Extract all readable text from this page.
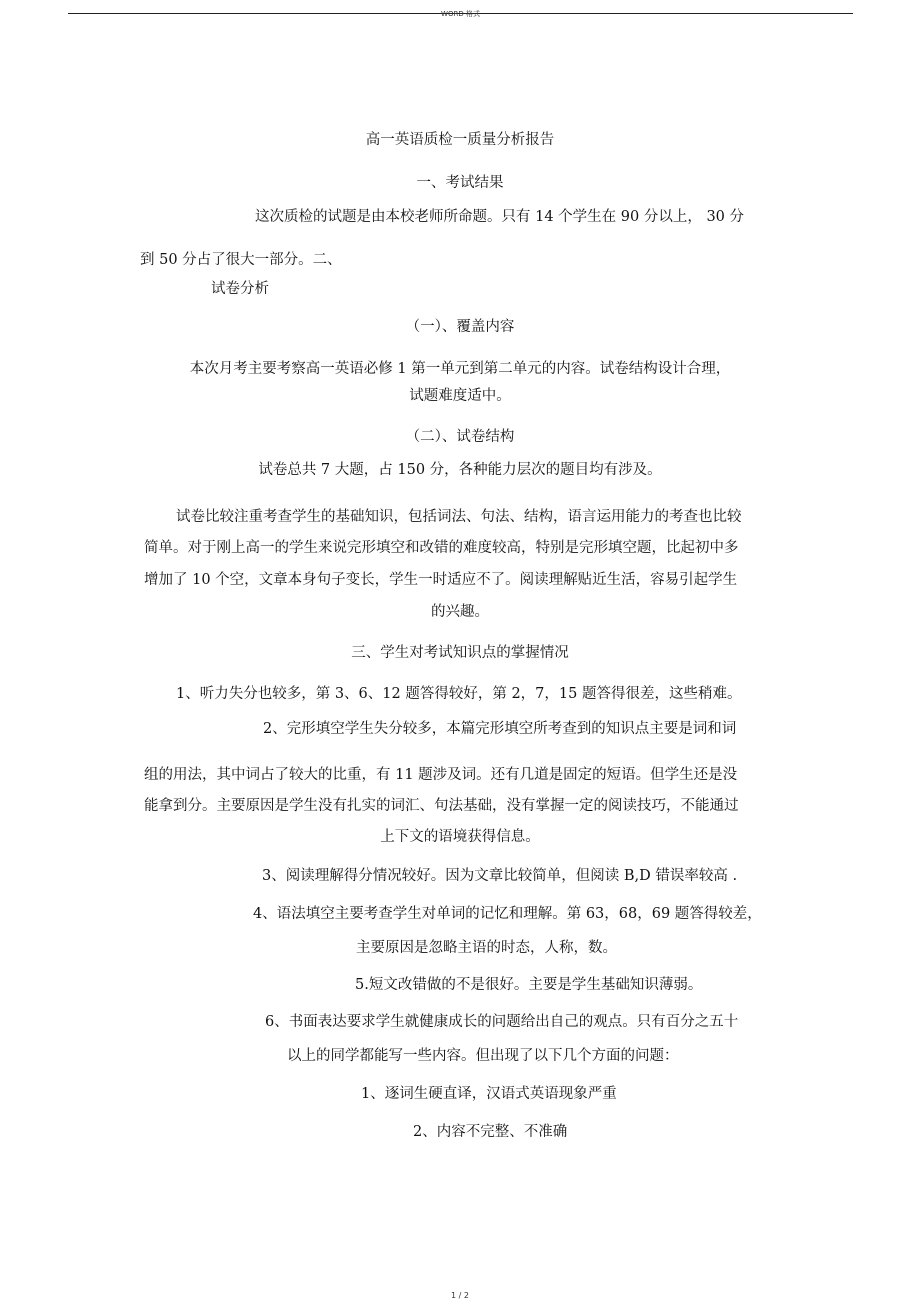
WORD 格式
高一英语质检一质量分析报告
一、考试结果
这次质检的试题是由本校老师所命题。只有 14 个学生在 90 分以上， 30 分
到 50 分占了很大一部分。二、
试卷分析
（一）、覆盖内容
本次月考主要考察高一英语必修 1 第一单元到第二单元的内容。试卷结构设计合理，
试题难度适中。
（二）、试卷结构
试卷总共 7 大题，占 150 分，各种能力层次的题目均有涉及。
试卷比较注重考查学生的基础知识，包括词法、句法、结构，语言运用能力的考查也比较
简单。对于刚上高一的学生来说完形填空和改错的难度较高，特别是完形填空题，比起初中多
增加了 10 个空，文章本身句子变长，学生一时适应不了。阅读理解贴近生活，容易引起学生
的兴趣。
三、学生对考试知识点的掌握情况
1、听力失分也较多，第 3、6、12 题答得较好，第 2，7，15 题答得很差，这些稍难。
2、完形填空学生失分较多，本篇完形填空所考查到的知识点主要是词和词
组的用法，其中词占了较大的比重，有 11 题涉及词。还有几道是固定的短语。但学生还是没
能拿到分。主要原因是学生没有扎实的词汇、句法基础，没有掌握一定的阅读技巧，不能通过
上下文的语境获得信息。
3、阅读理解得分情况较好。因为文章比较简单，但阅读 B,D 错误率较高 .
4、语法填空主要考查学生对单词的记忆和理解。第 63，68，69 题答得较差，
主要原因是忽略主语的时态，人称，数。
5.短文改错做的不是很好。主要是学生基础知识薄弱。
6、书面表达要求学生就健康成长的问题给出自己的观点。只有百分之五十
以上的同学都能写一些内容。但出现了以下几个方面的问题：
1、逐词生硬直译，汉语式英语现象严重
2、内容不完整、不准确
1 / 2
